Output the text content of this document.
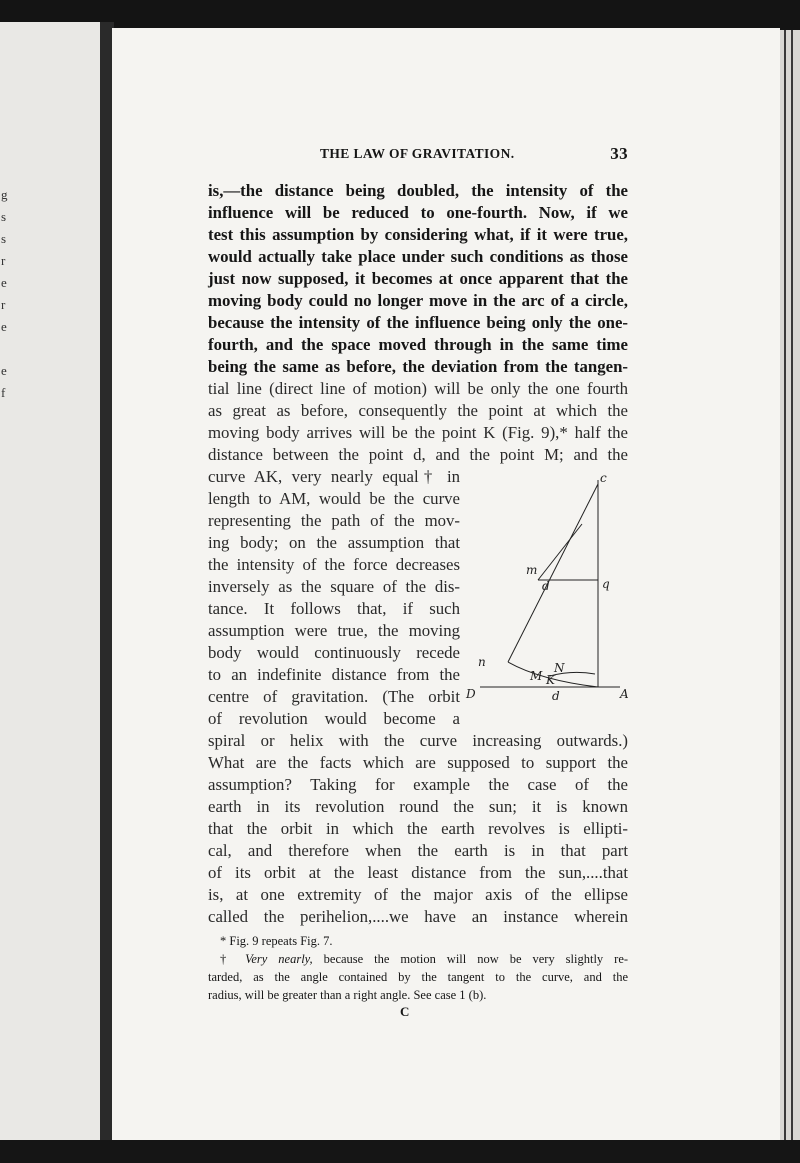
g
s
s
r
e
r
e
e
f
THE LAW OF GRAVITATION.	33
is,—the distance being doubled, the intensity of the
influence will be reduced to one-fourth. Now, if we
test this assumption by considering what, if it were true,
would actually take place under such conditions as those
just now supposed, it becomes at once apparent that the
moving body could no longer move in the arc of a circle,
because the intensity of the influence being only the one-
fourth, and the space moved through in the same time
being the same as before, the deviation from the tangen-
tial line (direct line of motion) will be only the one fourth
as great as before, consequently the point at which the
moving body arrives will be the point K (Fig. 9),* half the
distance between the point d, and the point M; and the
curve AK, very nearly equal† in
length to AM, would be the curve
representing the path of the mov-
ing body; on the assumption that
the intensity of the force decreases
inversely as the square of the dis-
tance. It follows that, if such
assumption were true, the moving
body would continuously recede
to an indefinite distance from the
centre of gravitation. (The orbit
of revolution would become a
spiral or helix with the curve increasing outwards.)
What are the facts which are supposed to support the
assumption? Taking for example the case of the
earth in its revolution round the sun; it is known
that the orbit in which the earth revolves is ellipti-
cal, and therefore when the earth is in that part
of its orbit at the least distance from the sun,....that
is, at one extremity of the major axis of the ellipse
called the perihelion,....we have an instance wherein
* Fig. 9 repeats Fig. 7.
† Very nearly, because the motion will now be very slightly re-
tarded, as the angle contained by the tangent to the curve, and the
radius, will be greater than a right angle. See case 1 (b).
C
c
m
d	q
n	N
M K
D	d	A
